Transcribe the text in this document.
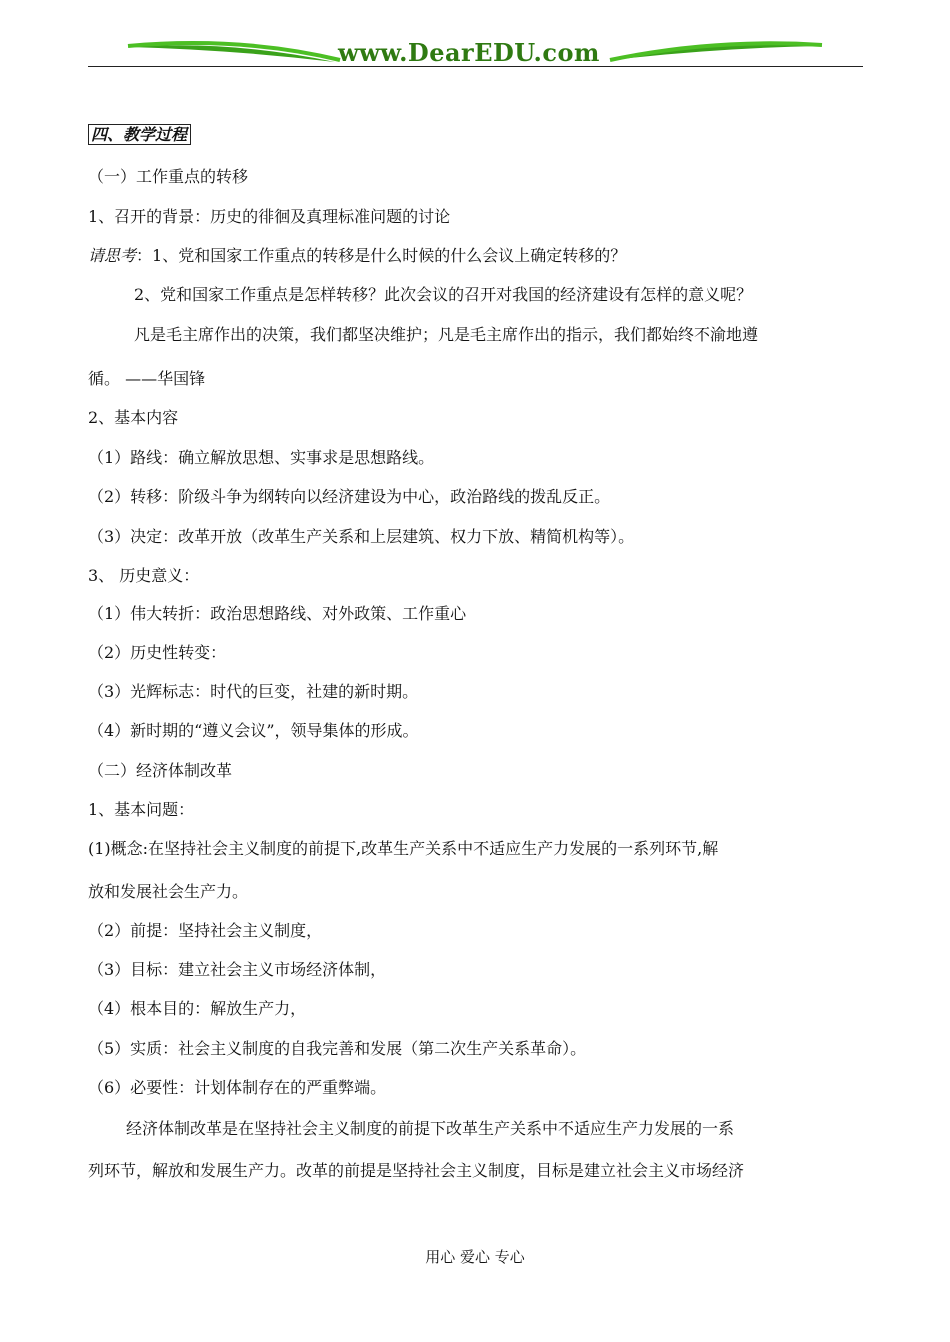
www.DearEDU.com
四、教学过程
（一）工作重点的转移
1、召开的背景：历史的徘徊及真理标准问题的讨论
请思考：1、党和国家工作重点的转移是什么时候的什么会议上确定转移的？
2、党和国家工作重点是怎样转移？此次会议的召开对我国的经济建设有怎样的意义呢？
凡是毛主席作出的决策，我们都坚决维护；凡是毛主席作出的指示，我们都始终不渝地遵
循。 ——华国锋
2、基本内容
（1）路线：确立解放思想、实事求是思想路线。
（2）转移：阶级斗争为纲转向以经济建设为中心，政治路线的拨乱反正。
（3）决定：改革开放（改革生产关系和上层建筑、权力下放、精简机构等）。
3、 历史意义：
（1）伟大转折：政治思想路线、对外政策、工作重心
（2）历史性转变：
（3）光辉标志：时代的巨变，社建的新时期。
（4）新时期的“遵义会议”，领导集体的形成。
（二）经济体制改革
1、基本问题：
(1)概念:在坚持社会主义制度的前提下,改革生产关系中不适应生产力发展的一系列环节,解
放和发展社会生产力。
（2）前提：坚持社会主义制度，
（3）目标：建立社会主义市场经济体制，
（4）根本目的：解放生产力，
（5）实质：社会主义制度的自我完善和发展（第二次生产关系革命）。
（6）必要性：计划体制存在的严重弊端。
经济体制改革是在坚持社会主义制度的前提下改革生产关系中不适应生产力发展的一系
列环节，解放和发展生产力。改革的前提是坚持社会主义制度，目标是建立社会主义市场经济
用心 爱心 专心
